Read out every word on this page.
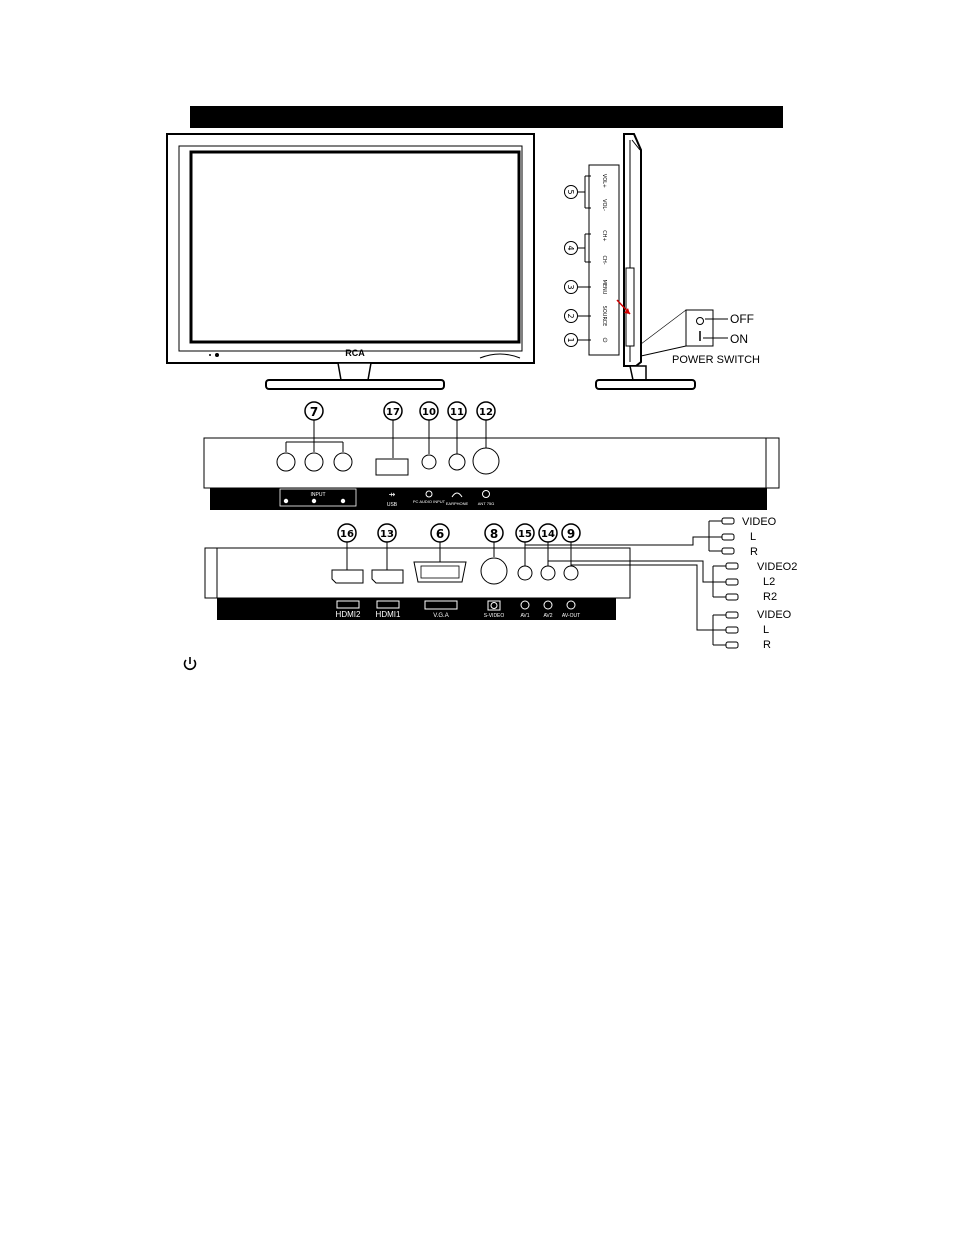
RCA
5
VOL+
VOL-
4
CH+
CH-
3	MENU
2	SOURCE
1	⏻
OFF
ON
POWER SWITCH
7	17 10 11 12
INPUT	⇸
USB
PC AUDIO INPUT EARPHONE ANT 75Ω
16	13	6	8 15 14 9
HDMI2 HDMI1	V.G.A	S-VIDEO	AV1	AV2 AV-OUT
VIDEO
L
R
VIDEO2
L2
R2
VIDEO
L
R
